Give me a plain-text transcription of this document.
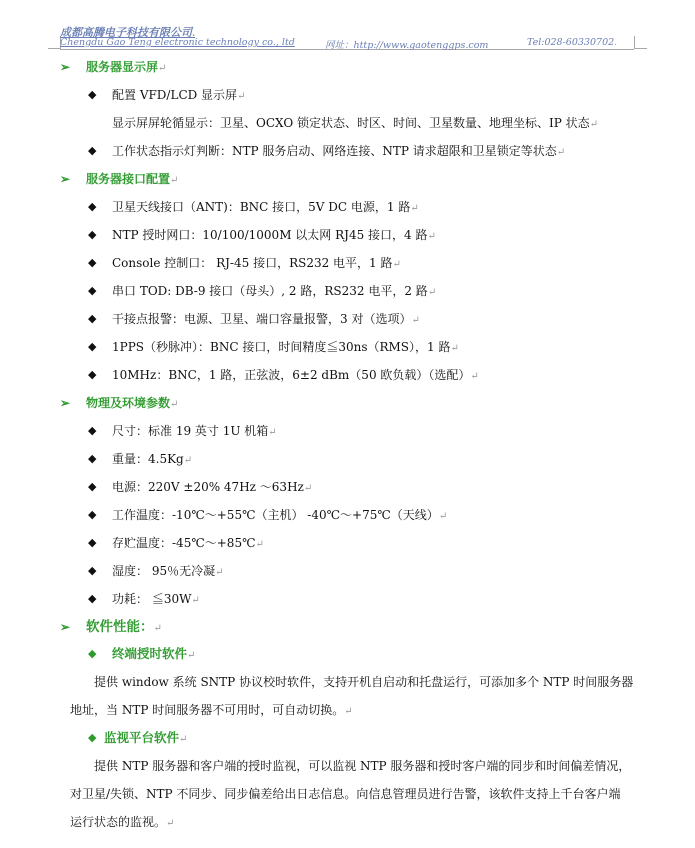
成都高腾电子科技有限公司.
Chengdu Gao Teng electronic technology co., ltd	网址：http://www.gaotenggps.com	Tel:028-60330702.
➢ 服务器显示屏↵
◆ 配置 VFD/LCD 显示屏↵
显示屏屏轮循显示：卫星、OCXO 锁定状态、时区、时间、卫星数量、地理坐标、IP 状态↵
◆ 工作状态指示灯判断：NTP 服务启动、网络连接、NTP 请求超限和卫星锁定等状态↵
➢ 服务器接口配置↵
◆ 卫星天线接口（ANT)：BNC 接口，5V DC 电源，1 路↵
◆ NTP 授时网口：10/100/1000M 以太网 RJ45 接口，4 路↵
◆ Console 控制口： RJ-45 接口，RS232 电平，1 路↵
◆ 串口 TOD: DB-9 接口（母头）, 2 路，RS232 电平，2 路↵
◆ 干接点报警：电源、卫星、端口容量报警，3 对（选项）↵
◆ 1PPS（秒脉冲）：BNC 接口，时间精度≦30ns（RMS），1 路↵
◆ 10MHz：BNC，1 路，正弦波，6±2 dBm（50 欧负载）（选配）↵
➢ 物理及环境参数↵
◆ 尺寸：标准 19 英寸 1U 机箱↵
◆ 重量：4.5Kg↵
◆ 电源：220V ±20% 47Hz ～63Hz↵
◆ 工作温度：-10℃～+55℃（主机） -40℃～+75℃（天线）↵
◆ 存贮温度：-45℃～+85℃↵
◆ 湿度： 95％无冷凝↵
◆ 功耗： ≦30W↵
➢ 软件性能：↵
◆ 终端授时软件↵
提供 window 系统 SNTP 协议校时软件，支持开机自启动和托盘运行，可添加多个 NTP 时间服务器
地址，当 NTP 时间服务器不可用时，可自动切换。↵
◆ 监视平台软件↵
提供 NTP 服务器和客户端的授时监视，可以监视 NTP 服务器和授时客户端的同步和时间偏差情况，
对卫星/失锁、NTP 不同步、同步偏差给出日志信息。向信息管理员进行告警，该软件支持上千台客户端
运行状态的监视。↵
